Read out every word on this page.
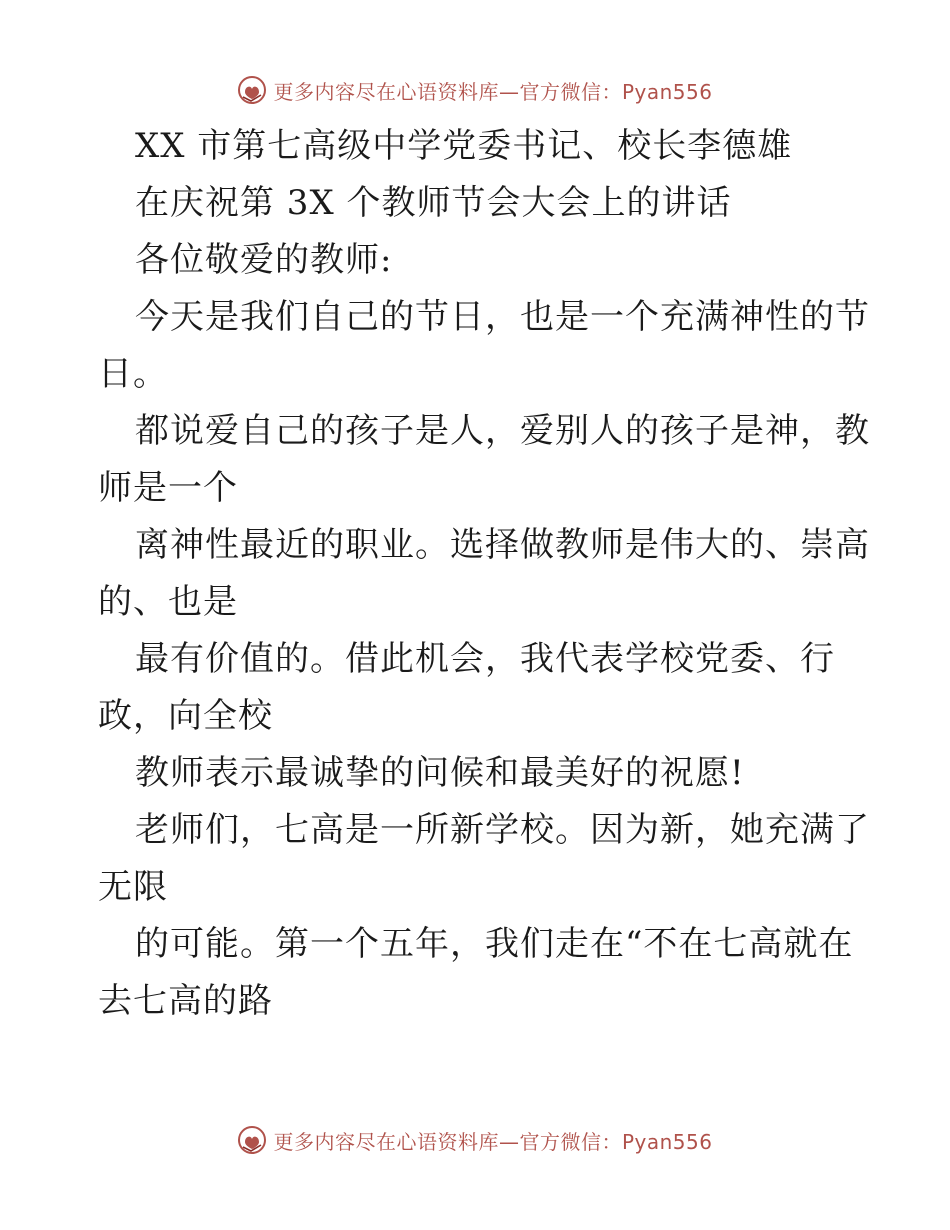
更多内容尽在心语资料库—官方微信：Pyan556
XX 市第七高级中学党委书记、校长李德雄
在庆祝第 3X 个教师节会大会上的讲话
各位敬爱的教师:
今天是我们自己的节日，也是一个充满神性的节
日。
都说爱自己的孩子是人，爱别人的孩子是神，教
师是一个
离神性最近的职业。选择做教师是伟大的、崇高
的、也是
最有价值的。借此机会，我代表学校党委、行
政，向全校
教师表示最诚挚的问候和最美好的祝愿!
老师们，七高是一所新学校。因为新，她充满了
无限
的可能。第一个五年，我们走在“不在七高就在
去七高的路
更多内容尽在心语资料库—官方微信：Pyan556
